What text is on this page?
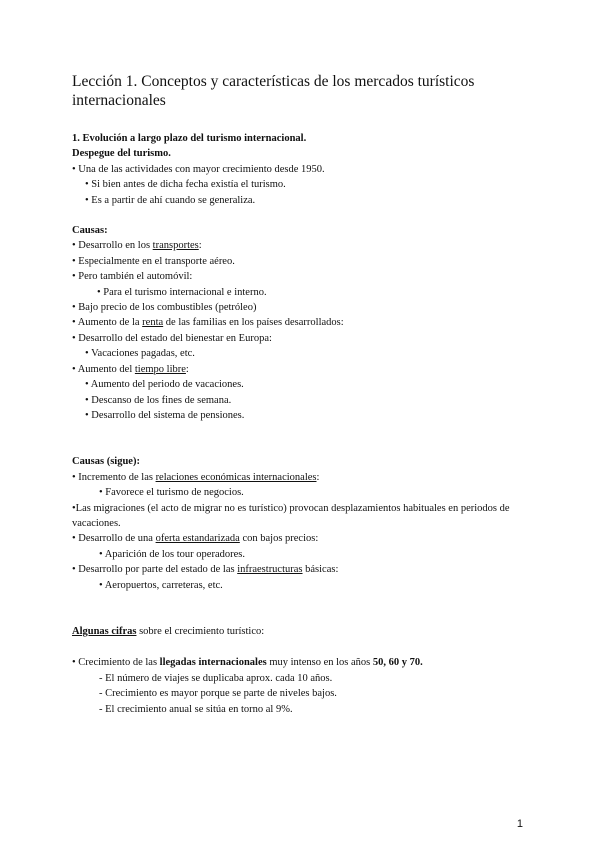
Lección 1. Conceptos y características de los mercados turísticos internacionales

1. Evolución a largo plazo del turismo internacional.

Despegue del turismo.

• Una de las actividades con mayor crecimiento desde 1950.

• Si bien antes de dicha fecha existía el turismo.

• Es a partir de ahí cuando se generaliza.

Causas:

• Desarrollo en los transportes:

• Especialmente en el transporte aéreo.

• Pero también el automóvil:

• Para el turismo internacional e interno.

• Bajo precio de los combustibles (petróleo)

• Aumento de la renta de las familias en los países desarrollados:

• Desarrollo del estado del bienestar en Europa:

• Vacaciones pagadas, etc.

• Aumento del tiempo libre:

• Aumento del periodo de vacaciones.

• Descanso de los fines de semana.

• Desarrollo del sistema de pensiones.

Causas (sigue):

• Incremento de las relaciones económicas internacionales:

• Favorece el turismo de negocios.

•Las migraciones (el acto de migrar no es turístico) provocan desplazamientos habituales en periodos de vacaciones.

• Desarrollo de una oferta estandarizada con bajos precios:

• Aparición de los tour operadores.

• Desarrollo por parte del estado de las infraestructuras básicas:

• Aeropuertos, carreteras, etc.

Algunas cifras sobre el crecimiento turístico:

• Crecimiento de las llegadas internacionales muy intenso en los años 50, 60 y 70.

- El número de viajes se duplicaba aprox. cada 10 años.

- Crecimiento es mayor porque se parte de niveles bajos.

- El crecimiento anual se sitúa en torno al 9%.

1
